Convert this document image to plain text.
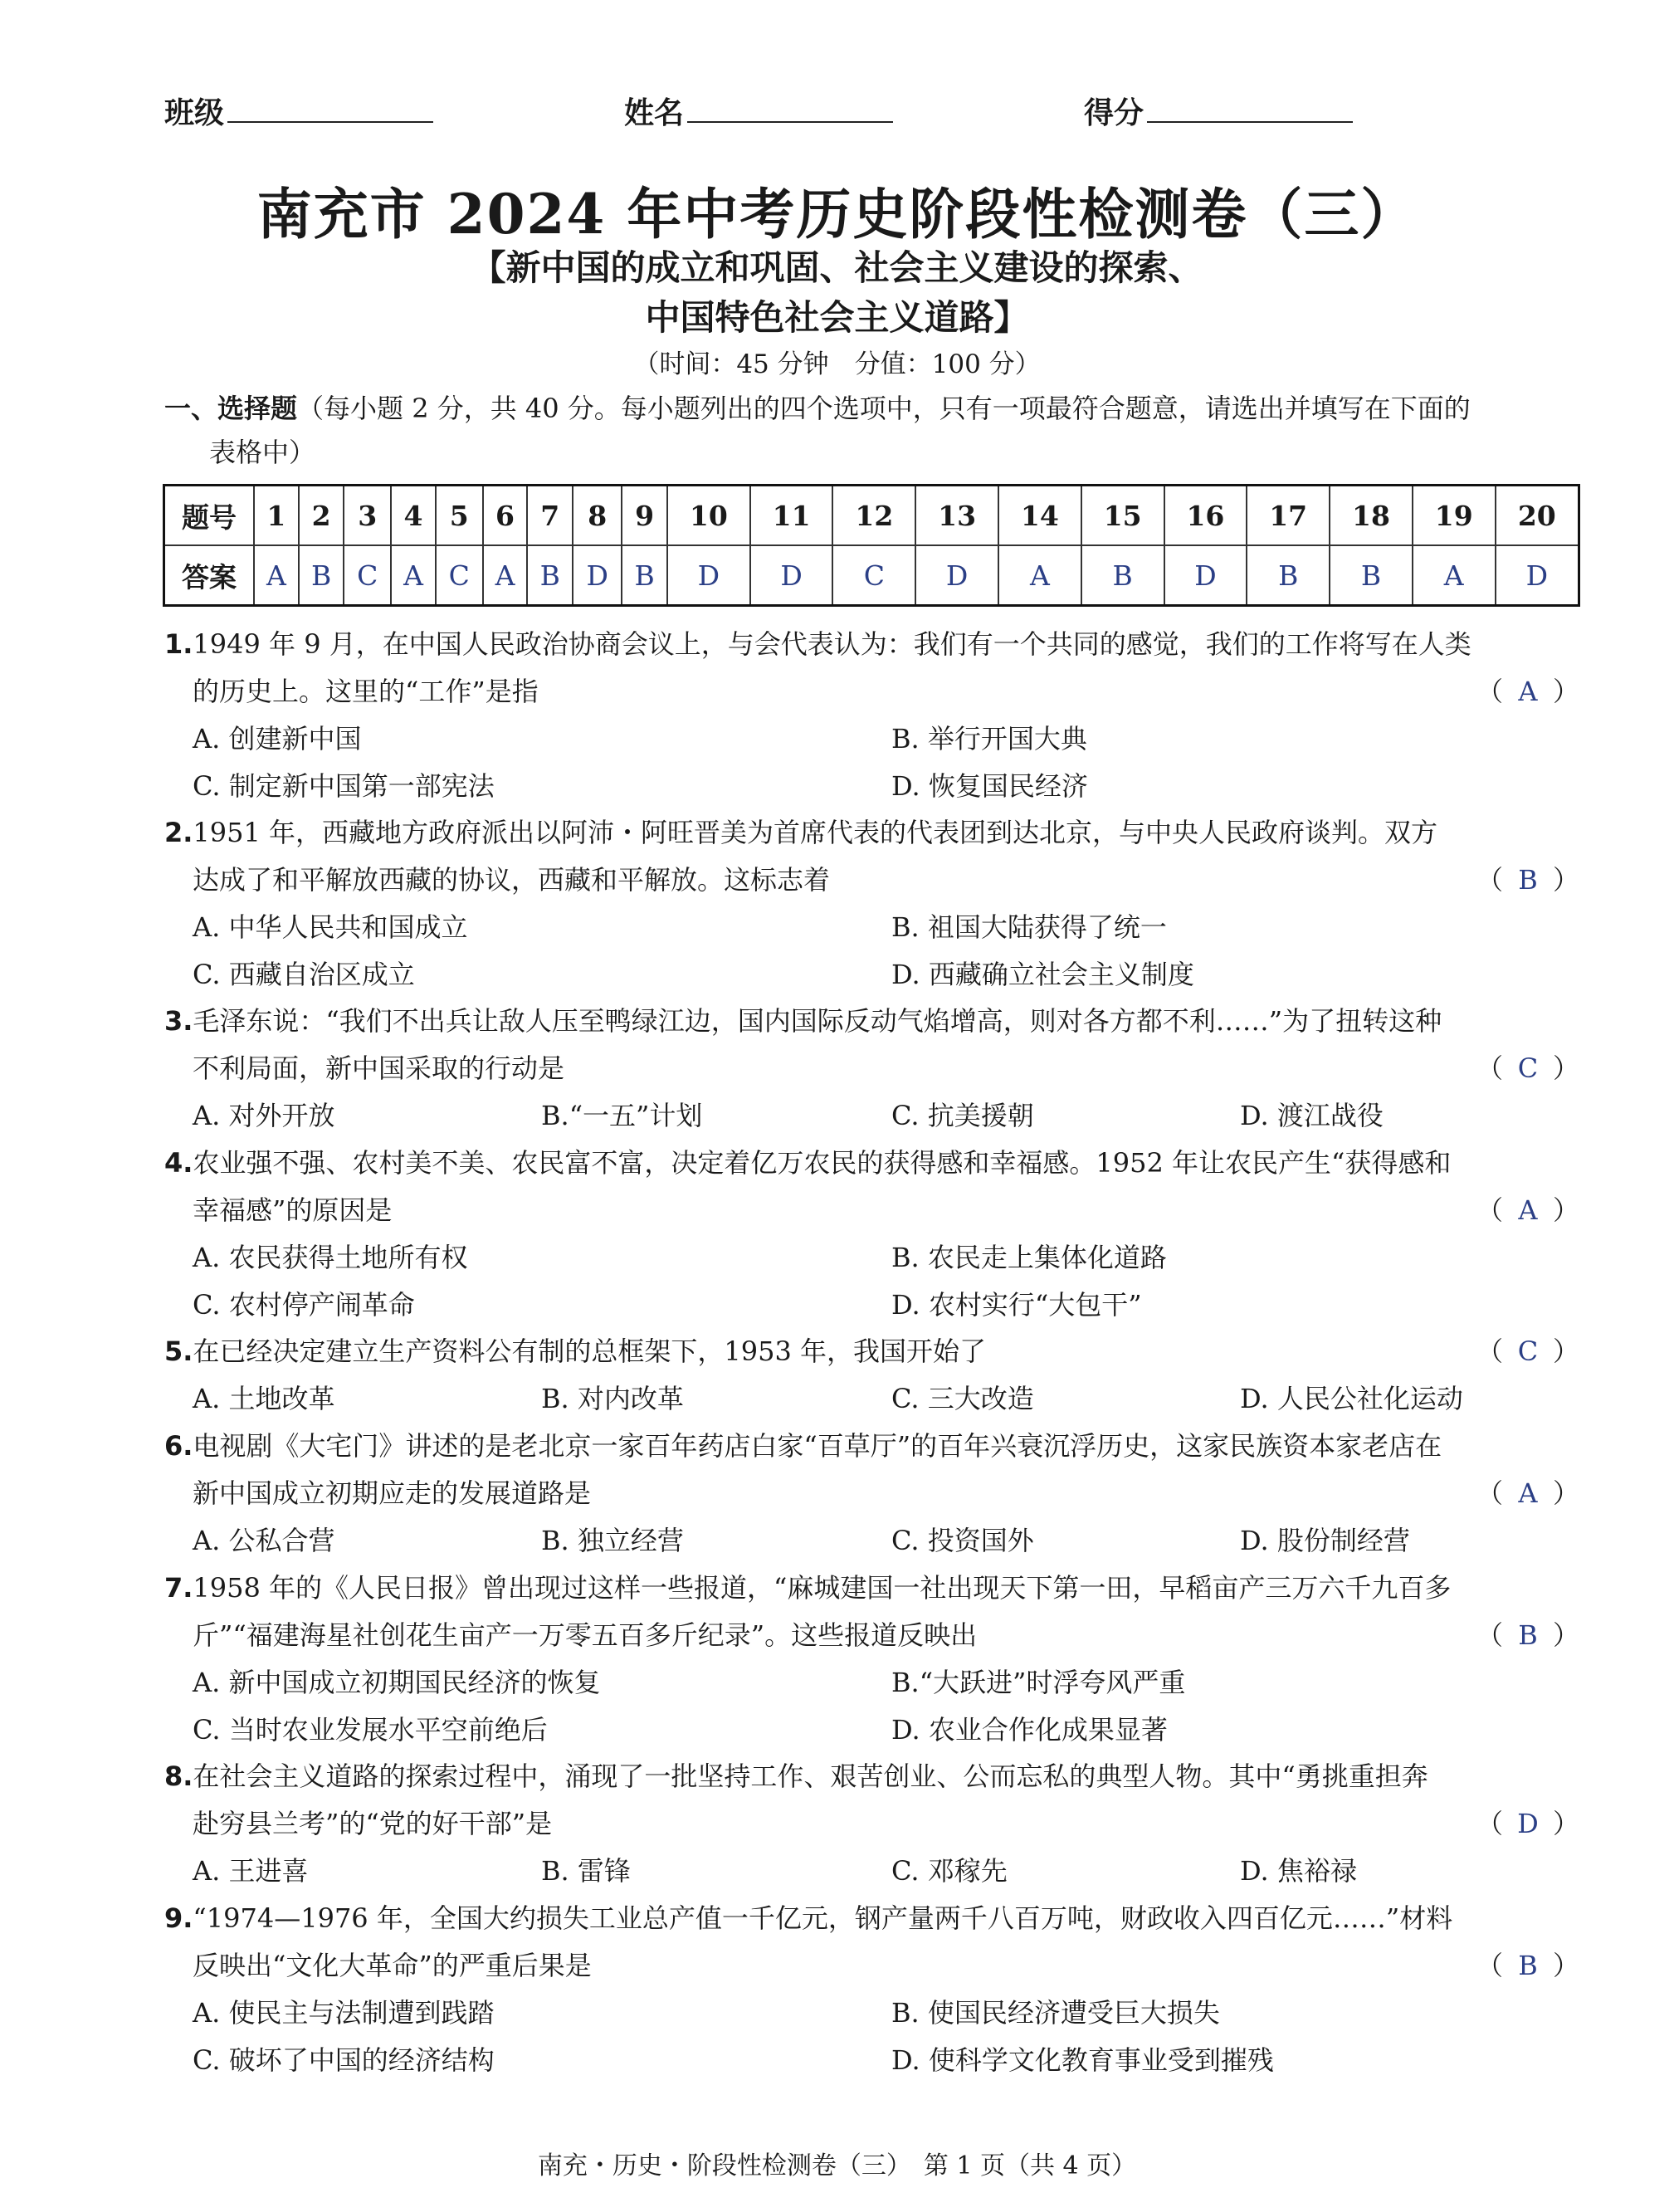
班级	姓名	得分
南充市 2024 年中考历史阶段性检测卷（三）
【新中国的成立和巩固、社会主义建设的探索、
中国特色社会主义道路】
（时间：45 分钟　分值：100 分）
一、选择题（每小题 2 分，共 40 分。每小题列出的四个选项中，只有一项最符合题意，请选出并填写在下面的
表格中）
题号	1	2	3	4	5	6	7	8	9	10	11	12	13	14	15	16	17	18	19	20
答案	A	B	C	A	C	A	B	D	B	D	D	C	D	A	B	D	B	B	A	D
1.1949 年 9 月，在中国人民政治协商会议上，与会代表认为：我们有一个共同的感觉，我们的工作将写在人类
的历史上。这里的“工作”是指	（ A ）
A. 创建新中国	B. 举行开国大典
C. 制定新中国第一部宪法	D. 恢复国民经济
2.1951 年，西藏地方政府派出以阿沛・阿旺晋美为首席代表的代表团到达北京，与中央人民政府谈判。双方
达成了和平解放西藏的协议，西藏和平解放。这标志着	（ B ）
A. 中华人民共和国成立	B. 祖国大陆获得了统一
C. 西藏自治区成立	D. 西藏确立社会主义制度
3.毛泽东说：“我们不出兵让敌人压至鸭绿江边，国内国际反动气焰增高，则对各方都不利……”为了扭转这种
不利局面，新中国采取的行动是	（ C ）
A. 对外开放	B.“一五”计划	C. 抗美援朝	D. 渡江战役
4.农业强不强、农村美不美、农民富不富，决定着亿万农民的获得感和幸福感。1952 年让农民产生“获得感和
幸福感”的原因是	（ A ）
A. 农民获得土地所有权	B. 农民走上集体化道路
C. 农村停产闹革命	D. 农村实行“大包干”
5.在已经决定建立生产资料公有制的总框架下，1953 年，我国开始了	（ C ）
A. 土地改革	B. 对内改革	C. 三大改造	D. 人民公社化运动
6.电视剧《大宅门》讲述的是老北京一家百年药店白家“百草厅”的百年兴衰沉浮历史，这家民族资本家老店在
新中国成立初期应走的发展道路是	（ A ）
A. 公私合营	B. 独立经营	C. 投资国外	D. 股份制经营
7.1958 年的《人民日报》曾出现过这样一些报道，“麻城建国一社出现天下第一田，早稻亩产三万六千九百多
斤”“福建海星社创花生亩产一万零五百多斤纪录”。这些报道反映出	（ B ）
A. 新中国成立初期国民经济的恢复	B.“大跃进”时浮夸风严重
C. 当时农业发展水平空前绝后	D. 农业合作化成果显著
8.在社会主义道路的探索过程中，涌现了一批坚持工作、艰苦创业、公而忘私的典型人物。其中“勇挑重担奔
赴穷县兰考”的“党的好干部”是	（ D ）
A. 王进喜	B. 雷锋	C. 邓稼先	D. 焦裕禄
9.“1974—1976 年，全国大约损失工业总产值一千亿元，钢产量两千八百万吨，财政收入四百亿元……”材料
反映出“文化大革命”的严重后果是	（ B ）
A. 使民主与法制遭到践踏	B. 使国民经济遭受巨大损失
C. 破坏了中国的经济结构	D. 使科学文化教育事业受到摧残
南充・历史・阶段性检测卷（三）　第 1 页（共 4 页）
